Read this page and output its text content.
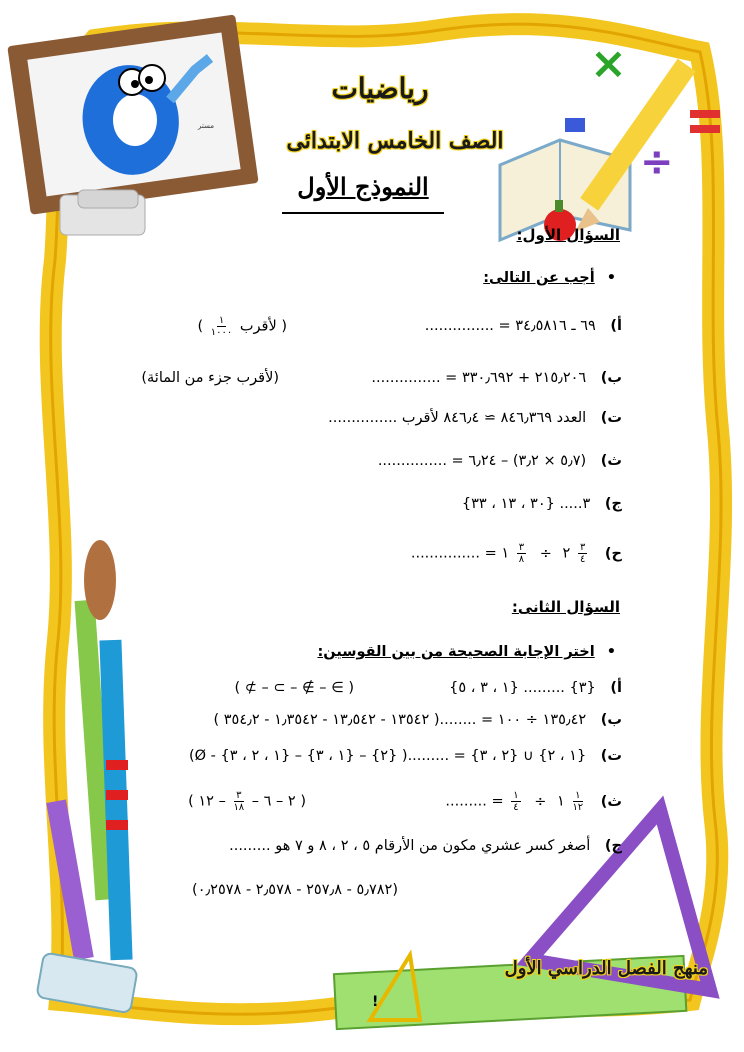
×
÷
رياضيات
الصف الخامس الابتدائى
النموذج الأول
السؤال الأول:
• أجب عن التالى:
أ) ٦٩ ـ ٣٤٫٥٨١٦ = ...............
( لأقرب
$\frac{١}{١٠٠٠}$
)
ب) ٢١٥٫٢٠٦ + ٣٣٠٫٦٩٢ = ...............
(لأقرب جزء من المائة)
ت) العدد ٨٤٦٫٣٦٩ ≃ ٨٤٦٫٤ لأقرب ...............
ث) (٥٫٧ × ٣٫٢) – ٦٫٢٤ = ...............
ج) ٣..... {٣٠ ، ١٣ ، ٣٣}
ح)
$\frac{٣}{٤}$
٢ ÷
$\frac{٣}{٨}$
١ = ...............
السؤال الثانى:
• اختر الإجابة الصحيحة من بين القوسين:
أ) {٣} ......... {١ ، ٣ ، ٥}
( ∋ – ∌ – ⊃ – ⊅ )
ب) ١٣٥٫٤٢ ÷ ١٠٠ = ........( ١٣٥٤٢ - ١٣٫٥٤٢ - ١٫٣٥٤٢ - ٣٥٤٫٢ )
ت) {١ ، ٢} ∪ {٢ ، ٣} = .........( {٢} – {١ ، ٣} – {١ ، ٢ ، ٣} - Ø)
ث)
$\frac{١}{١٢}$
١ ÷
$\frac{١}{٤}$
= .........
( ٢ – ٦ –
$\frac{٣}{١٨}$
– ١٢ )
ج) أصغر كسر عشري مكون من الأرقام ٥ ، ٢ ، ٨ و ٧ هو .........
(٥٫٧٨٢ - ٢٥٧٫٨ - ٢٫٥٧٨ - ٠٫٢٥٧٨)
منهج الفصل الدراسي الأول
!
مستر
